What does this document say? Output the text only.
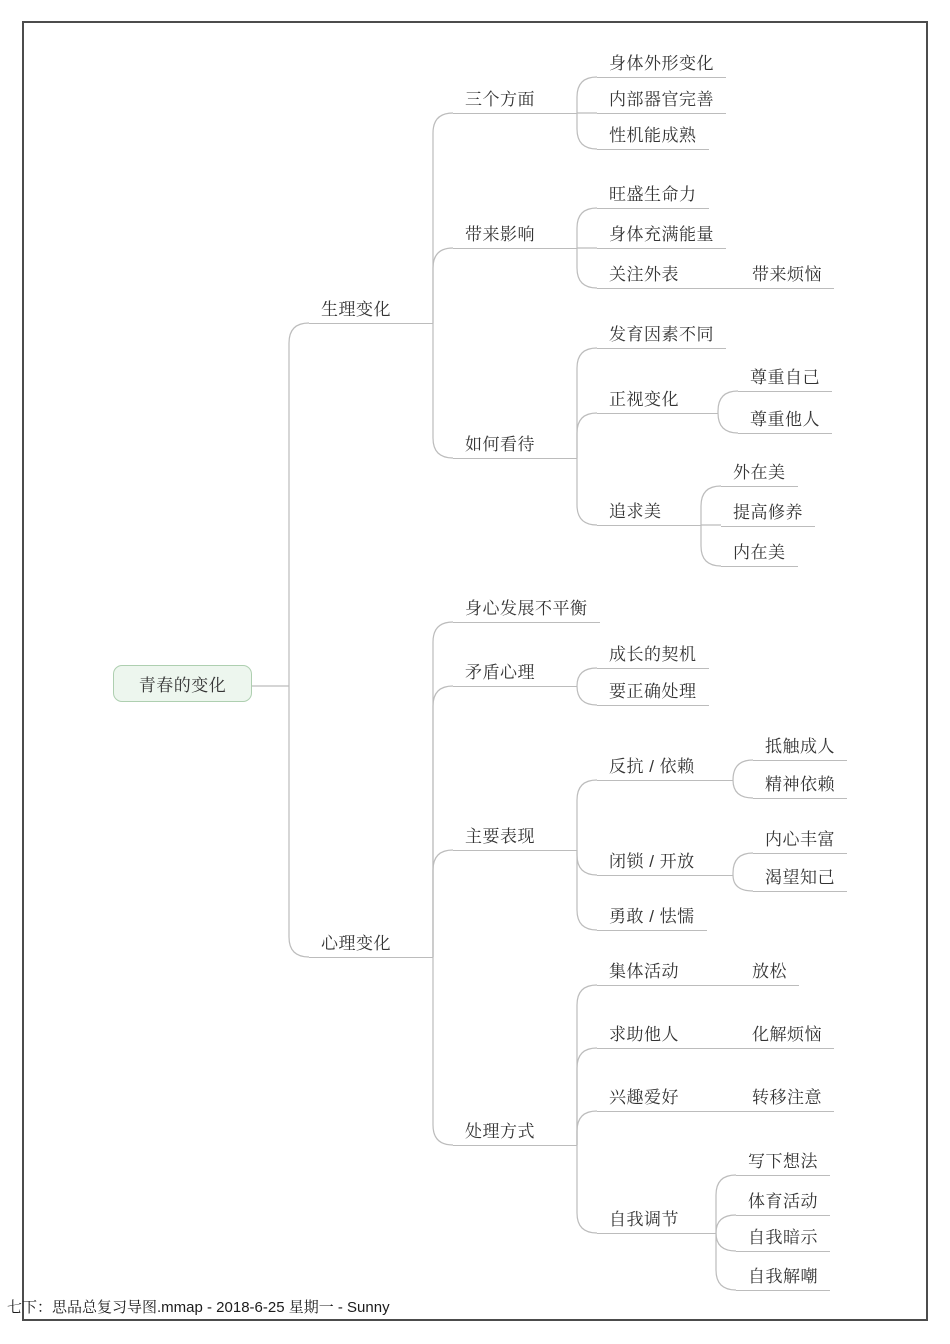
青春的变化
生理变化
三个方面
身体外形变化
内部器官完善
性机能成熟
带来影响
旺盛生命力
身体充满能量
关注外表	带来烦恼
如何看待
发育因素不同
正视变化
尊重自己
尊重他人
追求美
外在美
提高修养
内在美
心理变化
身心发展不平衡
矛盾心理
成长的契机
要正确处理
主要表现
反抗 / 依赖
抵触成人
精神依赖
闭锁 / 开放
内心丰富
渴望知己
勇敢 / 怯懦
处理方式
集体活动	放松
求助他人	化解烦恼
兴趣爱好	转移注意
自我调节
写下想法
体育活动
自我暗示
自我解嘲
七下：思品总复习导图.mmap - 2018-6-25 星期一 - Sunny
